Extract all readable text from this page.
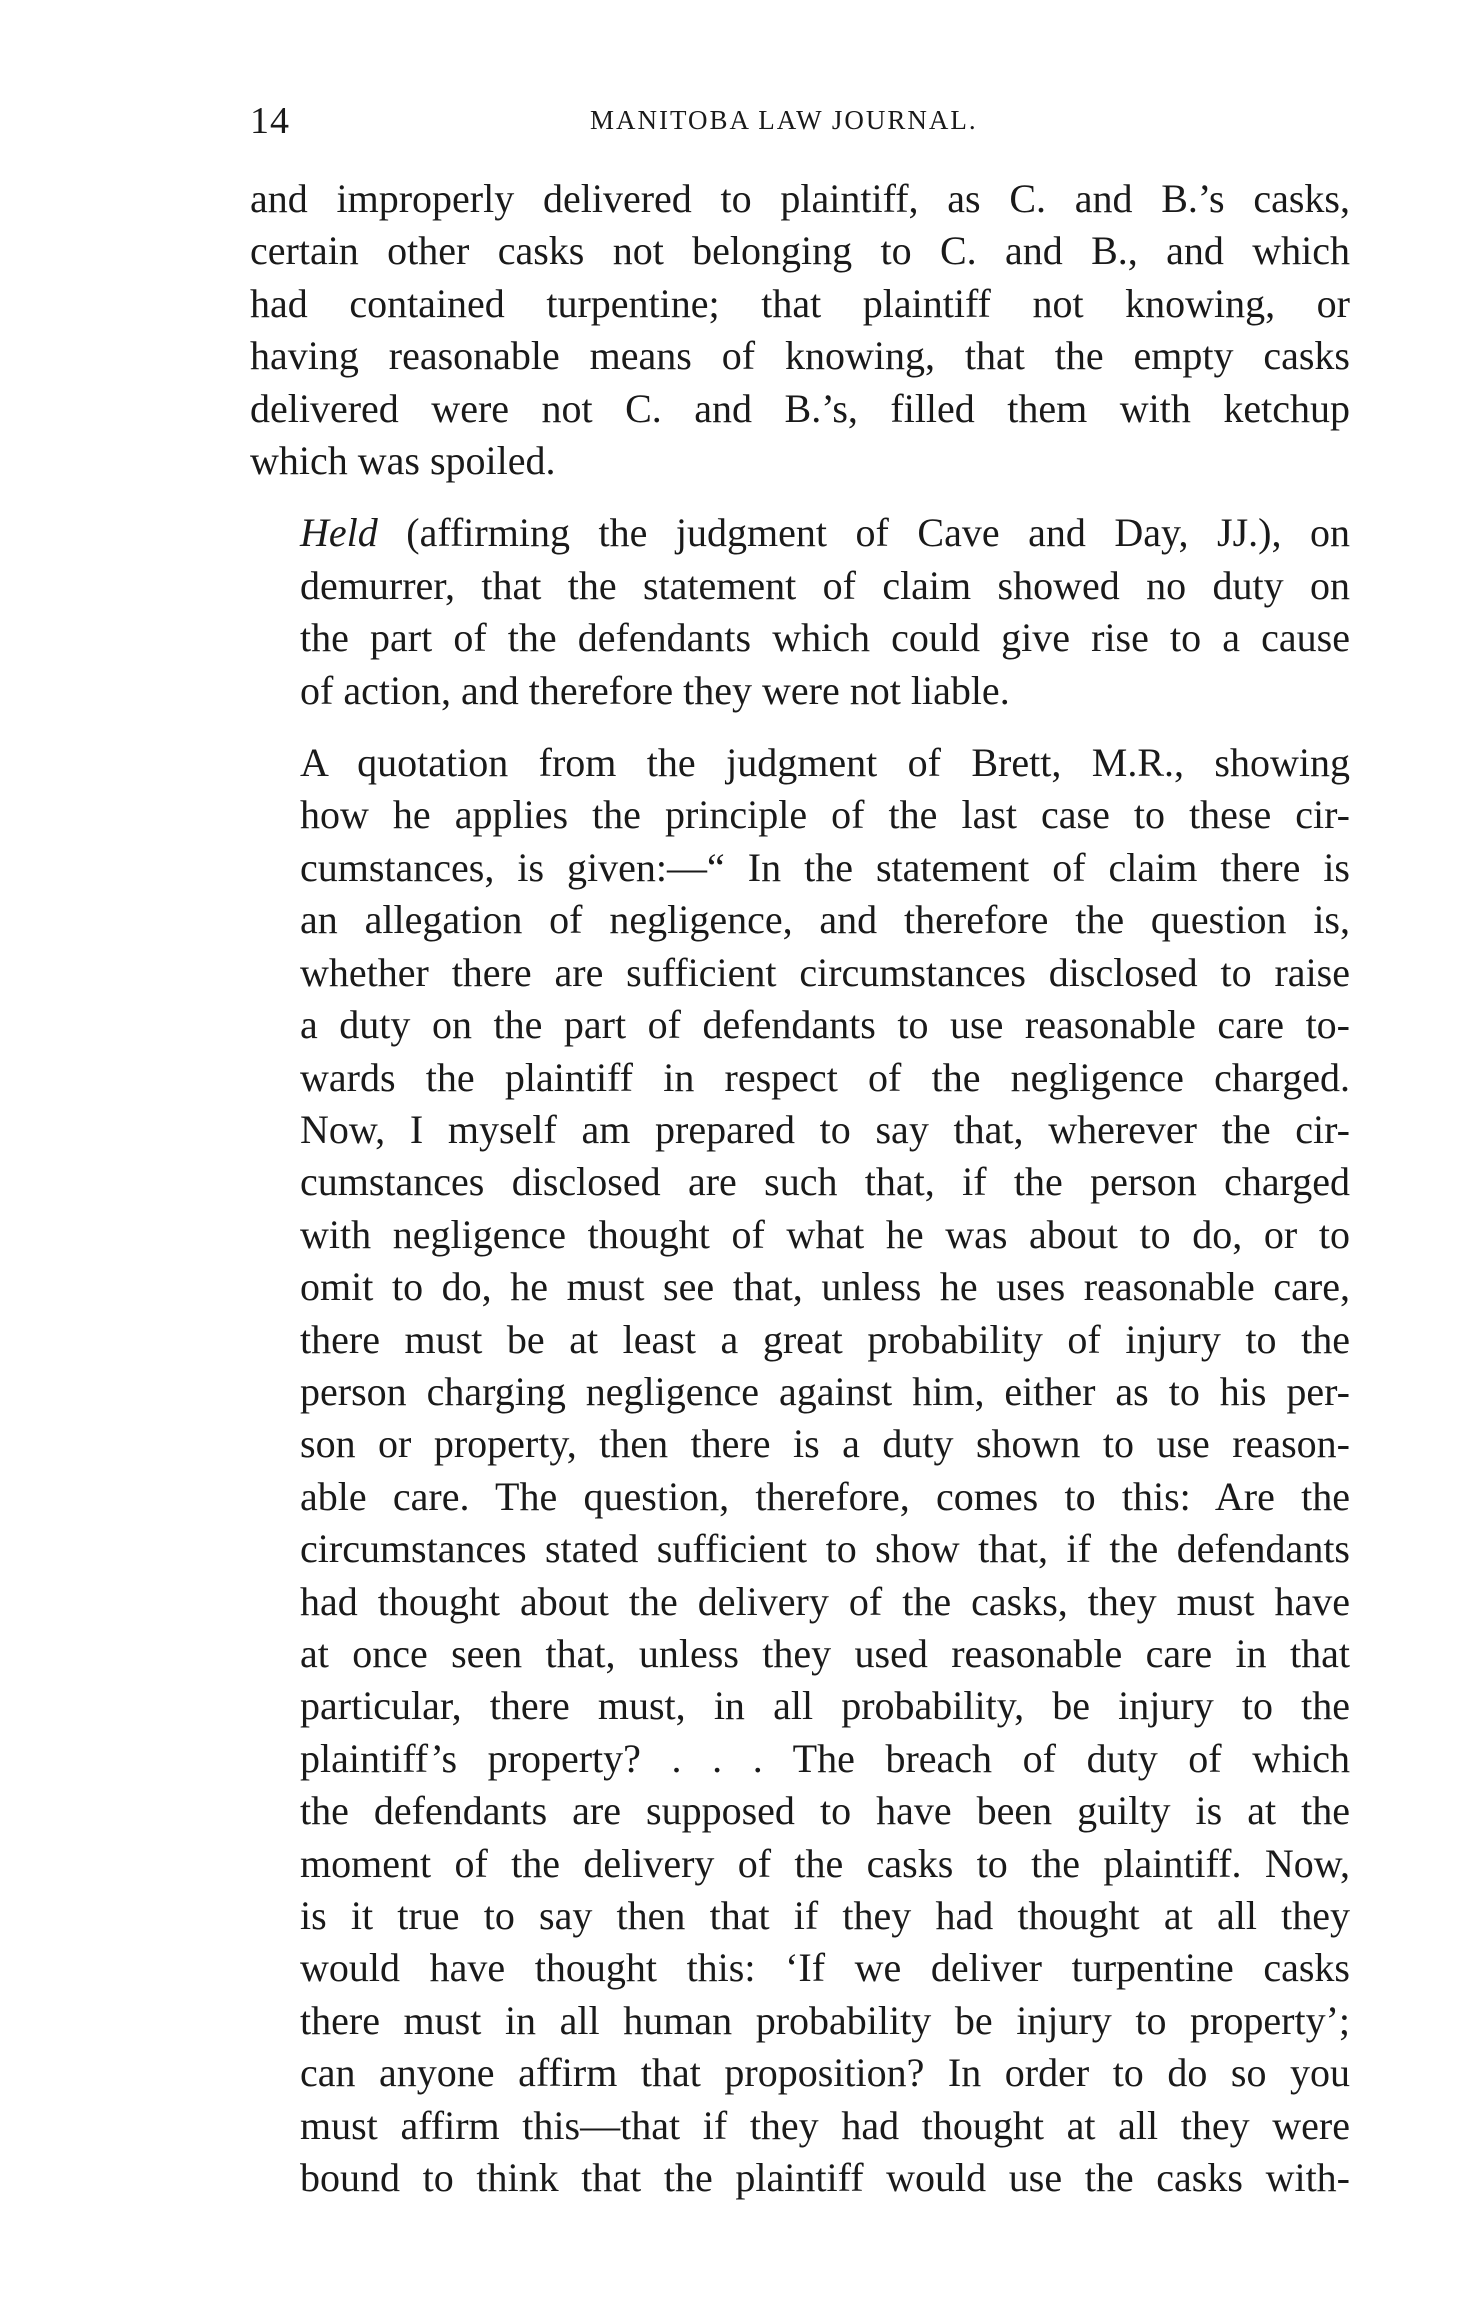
14	MANITOBA LAW JOURNAL.

and improperly delivered to plaintiff, as C. and B.’s casks,
certain other casks not belonging to C. and B., and which
had contained turpentine; that plaintiff not knowing, or
having reasonable means of knowing, that the empty casks
delivered were not C. and B.’s, filled them with ketchup
which was spoiled.

Held (affirming the judgment of Cave and Day, JJ.), on
demurrer, that the statement of claim showed no duty on
the part of the defendants which could give rise to a cause
of action, and therefore they were not liable.

A quotation from the judgment of Brett, M.R., showing
how he applies the principle of the last case to these cir-
cumstances, is given:—“ In the statement of claim there is
an allegation of negligence, and therefore the question is,
whether there are sufficient circumstances disclosed to raise
a duty on the part of defendants to use reasonable care to-
wards the plaintiff in respect of the negligence charged.
Now, I myself am prepared to say that, wherever the cir-
cumstances disclosed are such that, if the person charged
with negligence thought of what he was about to do, or to
omit to do, he must see that, unless he uses reasonable care,
there must be at least a great probability of injury to the
person charging negligence against him, either as to his per-
son or property, then there is a duty shown to use reason-
able care. The question, therefore, comes to this: Are the
circumstances stated sufficient to show that, if the defendants
had thought about the delivery of the casks, they must have
at once seen that, unless they used reasonable care in that
particular, there must, in all probability, be injury to the
plaintiff’s property? . . . The breach of duty of which
the defendants are supposed to have been guilty is at the
moment of the delivery of the casks to the plaintiff. Now,
is it true to say then that if they had thought at all they
would have thought this: ‘If we deliver turpentine casks
there must in all human probability be injury to property’;
can anyone affirm that proposition? In order to do so you
must affirm this—that if they had thought at all they were
bound to think that the plaintiff would use the casks with-
